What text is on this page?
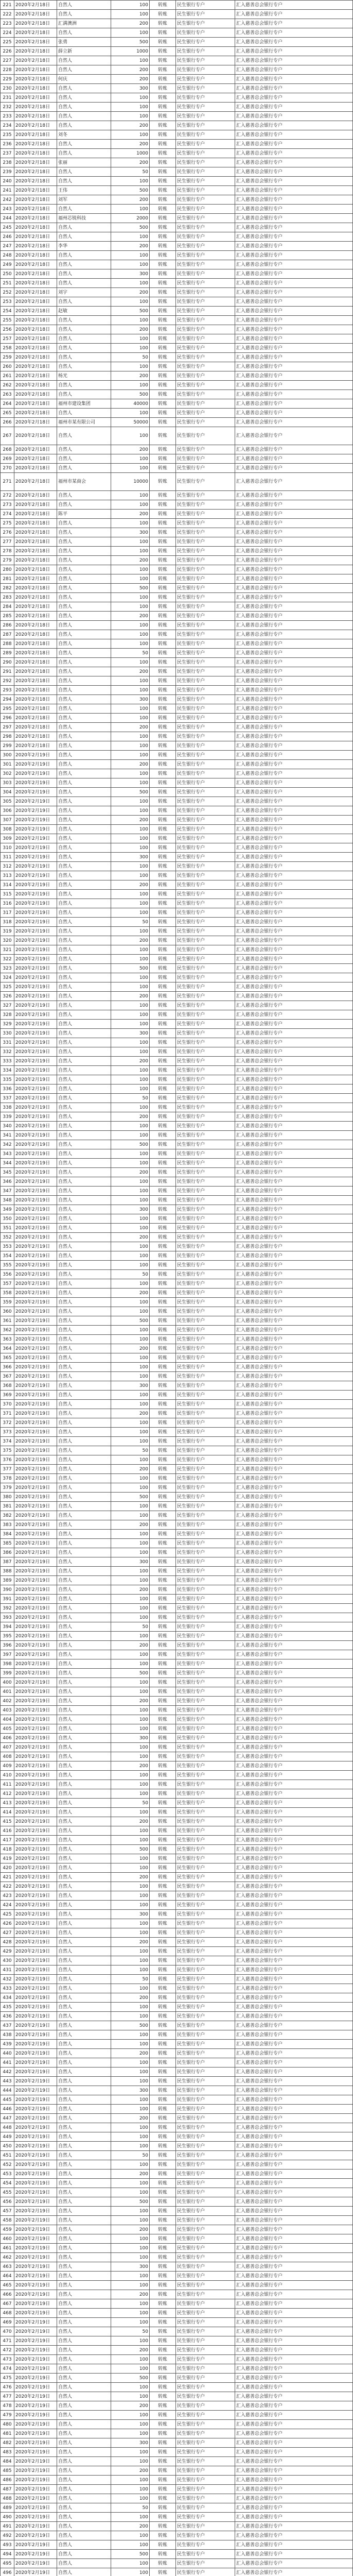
221	2020年2月18日	自然人	100	转账	民生银行专户	汇入慈善总会银行专户
222	2020年2月18日	自然人	100	转账	民生银行专户	汇入慈善总会银行专户
223	2020年2月18日	汇满澳洲	200	转账	民生银行专户	汇入慈善总会银行专户
224	2020年2月18日	自然人	100	转账	民生银行专户	汇入慈善总会银行专户
225	2020年2月18日	张勇	500	转账	民生银行专户	汇入慈善总会银行专户
226	2020年2月18日	薛立新	1000	转账	民生银行专户	汇入慈善总会银行专户
227	2020年2月18日	自然人	100	转账	民生银行专户	汇入慈善总会银行专户
228	2020年2月18日	自然人	200	转账	民生银行专户	汇入慈善总会银行专户
229	2020年2月18日	何庆	200	转账	民生银行专户	汇入慈善总会银行专户
230	2020年2月18日	自然人	300	转账	民生银行专户	汇入慈善总会银行专户
231	2020年2月18日	自然人	100	转账	民生银行专户	汇入慈善总会银行专户
232	2020年2月18日	自然人	100	转账	民生银行专户	汇入慈善总会银行专户
233	2020年2月18日	自然人	100	转账	民生银行专户	汇入慈善总会银行专户
234	2020年2月18日	自然人	200	转账	民生银行专户	汇入慈善总会银行专户
235	2020年2月18日	刘冬	100	转账	民生银行专户	汇入慈善总会银行专户
236	2020年2月18日	自然人	200	转账	民生银行专户	汇入慈善总会银行专户
237	2020年2月18日	自然人	1000	转账	民生银行专户	汇入慈善总会银行专户
238	2020年2月18日	张丽	200	转账	民生银行专户	汇入慈善总会银行专户
239	2020年2月18日	自然人	50	转账	民生银行专户	汇入慈善总会银行专户
240	2020年2月18日	自然人	100	转账	民生银行专户	汇入慈善总会银行专户
241	2020年2月18日	王伟	500	转账	民生银行专户	汇入慈善总会银行专户
242	2020年2月18日	刘军	200	转账	民生银行专户	汇入慈善总会银行专户
243	2020年2月18日	自然人	100	转账	民生银行专户	汇入慈善总会银行专户
244	2020年2月18日	福州芯锐科技	2000	转账	民生银行专户	汇入慈善总会银行专户
245	2020年2月18日	自然人	500	转账	民生银行专户	汇入慈善总会银行专户
246	2020年2月18日	自然人	100	转账	民生银行专户	汇入慈善总会银行专户
247	2020年2月18日	李华	200	转账	民生银行专户	汇入慈善总会银行专户
248	2020年2月18日	自然人	100	转账	民生银行专户	汇入慈善总会银行专户
249	2020年2月18日	自然人	100	转账	民生银行专户	汇入慈善总会银行专户
250	2020年2月18日	自然人	300	转账	民生银行专户	汇入慈善总会银行专户
251	2020年2月18日	自然人	100	转账	民生银行专户	汇入慈善总会银行专户
252	2020年2月18日	刘宇	200	转账	民生银行专户	汇入慈善总会银行专户
253	2020年2月18日	自然人	100	转账	民生银行专户	汇入慈善总会银行专户
254	2020年2月18日	赵敏	500	转账	民生银行专户	汇入慈善总会银行专户
255	2020年2月18日	自然人	100	转账	民生银行专户	汇入慈善总会银行专户
256	2020年2月18日	自然人	200	转账	民生银行专户	汇入慈善总会银行专户
257	2020年2月18日	自然人	100	转账	民生银行专户	汇入慈善总会银行专户
258	2020年2月18日	自然人	100	转账	民生银行专户	汇入慈善总会银行专户
259	2020年2月18日	自然人	50	转账	民生银行专户	汇入慈善总会银行专户
260	2020年2月18日	自然人	100	转账	民生银行专户	汇入慈善总会银行专户
261	2020年2月18日	杨光	200	转账	民生银行专户	汇入慈善总会银行专户
262	2020年2月18日	自然人	100	转账	民生银行专户	汇入慈善总会银行专户
263	2020年2月18日	自然人	500	转账	民生银行专户	汇入慈善总会银行专户
264	2020年2月18日	福州市建设集团	40000	转账	民生银行专户	汇入慈善总会银行专户
265	2020年2月18日	自然人	100	转账	民生银行专户	汇入慈善总会银行专户
266	2020年2月18日	福州市某有限公司	50000	转账	民生银行专户	汇入慈善总会银行专户
267	2020年2月18日	自然人	100	转账	民生银行专户	汇入慈善总会银行专户
268	2020年2月18日	自然人	200	转账	民生银行专户	汇入慈善总会银行专户
269	2020年2月18日	自然人	100	转账	民生银行专户	汇入慈善总会银行专户
270	2020年2月18日	自然人	100	转账	民生银行专户	汇入慈善总会银行专户
271	2020年2月18日	福州市某商会	10000	转账	民生银行专户	汇入慈善总会银行专户
272	2020年2月18日	自然人	100	转账	民生银行专户	汇入慈善总会银行专户
273	2020年2月18日	自然人	100	转账	民生银行专户	汇入慈善总会银行专户
274	2020年2月18日	陈平	200	转账	民生银行专户	汇入慈善总会银行专户
275	2020年2月18日	自然人	100	转账	民生银行专户	汇入慈善总会银行专户
276	2020年2月18日	自然人	300	转账	民生银行专户	汇入慈善总会银行专户
277	2020年2月18日	自然人	100	转账	民生银行专户	汇入慈善总会银行专户
278	2020年2月18日	自然人	100	转账	民生银行专户	汇入慈善总会银行专户
279	2020年2月18日	自然人	200	转账	民生银行专户	汇入慈善总会银行专户
280	2020年2月18日	自然人	100	转账	民生银行专户	汇入慈善总会银行专户
281	2020年2月18日	自然人	100	转账	民生银行专户	汇入慈善总会银行专户
282	2020年2月18日	自然人	500	转账	民生银行专户	汇入慈善总会银行专户
283	2020年2月18日	自然人	100	转账	民生银行专户	汇入慈善总会银行专户
284	2020年2月18日	自然人	100	转账	民生银行专户	汇入慈善总会银行专户
285	2020年2月18日	自然人	200	转账	民生银行专户	汇入慈善总会银行专户
286	2020年2月18日	自然人	100	转账	民生银行专户	汇入慈善总会银行专户
287	2020年2月18日	自然人	100	转账	民生银行专户	汇入慈善总会银行专户
288	2020年2月18日	自然人	100	转账	民生银行专户	汇入慈善总会银行专户
289	2020年2月18日	自然人	50	转账	民生银行专户	汇入慈善总会银行专户
290	2020年2月18日	自然人	100	转账	民生银行专户	汇入慈善总会银行专户
291	2020年2月18日	自然人	200	转账	民生银行专户	汇入慈善总会银行专户
292	2020年2月18日	自然人	100	转账	民生银行专户	汇入慈善总会银行专户
293	2020年2月18日	自然人	100	转账	民生银行专户	汇入慈善总会银行专户
294	2020年2月18日	自然人	300	转账	民生银行专户	汇入慈善总会银行专户
295	2020年2月18日	自然人	100	转账	民生银行专户	汇入慈善总会银行专户
296	2020年2月18日	自然人	100	转账	民生银行专户	汇入慈善总会银行专户
297	2020年2月18日	自然人	200	转账	民生银行专户	汇入慈善总会银行专户
298	2020年2月18日	自然人	100	转账	民生银行专户	汇入慈善总会银行专户
299	2020年2月18日	自然人	100	转账	民生银行专户	汇入慈善总会银行专户
300	2020年2月19日	自然人	100	转账	民生银行专户	汇入慈善总会银行专户
301	2020年2月19日	自然人	200	转账	民生银行专户	汇入慈善总会银行专户
302	2020年2月19日	自然人	100	转账	民生银行专户	汇入慈善总会银行专户
303	2020年2月19日	自然人	100	转账	民生银行专户	汇入慈善总会银行专户
304	2020年2月19日	自然人	500	转账	民生银行专户	汇入慈善总会银行专户
305	2020年2月19日	自然人	100	转账	民生银行专户	汇入慈善总会银行专户
306	2020年2月19日	自然人	100	转账	民生银行专户	汇入慈善总会银行专户
307	2020年2月19日	自然人	200	转账	民生银行专户	汇入慈善总会银行专户
308	2020年2月19日	自然人	100	转账	民生银行专户	汇入慈善总会银行专户
309	2020年2月19日	自然人	100	转账	民生银行专户	汇入慈善总会银行专户
310	2020年2月19日	自然人	100	转账	民生银行专户	汇入慈善总会银行专户
311	2020年2月19日	自然人	300	转账	民生银行专户	汇入慈善总会银行专户
312	2020年2月19日	自然人	100	转账	民生银行专户	汇入慈善总会银行专户
313	2020年2月19日	自然人	100	转账	民生银行专户	汇入慈善总会银行专户
314	2020年2月19日	自然人	200	转账	民生银行专户	汇入慈善总会银行专户
315	2020年2月19日	自然人	100	转账	民生银行专户	汇入慈善总会银行专户
316	2020年2月19日	自然人	100	转账	民生银行专户	汇入慈善总会银行专户
317	2020年2月19日	自然人	100	转账	民生银行专户	汇入慈善总会银行专户
318	2020年2月19日	自然人	50	转账	民生银行专户	汇入慈善总会银行专户
319	2020年2月19日	自然人	100	转账	民生银行专户	汇入慈善总会银行专户
320	2020年2月19日	自然人	200	转账	民生银行专户	汇入慈善总会银行专户
321	2020年2月19日	自然人	100	转账	民生银行专户	汇入慈善总会银行专户
322	2020年2月19日	自然人	100	转账	民生银行专户	汇入慈善总会银行专户
323	2020年2月19日	自然人	500	转账	民生银行专户	汇入慈善总会银行专户
324	2020年2月19日	自然人	100	转账	民生银行专户	汇入慈善总会银行专户
325	2020年2月19日	自然人	100	转账	民生银行专户	汇入慈善总会银行专户
326	2020年2月19日	自然人	200	转账	民生银行专户	汇入慈善总会银行专户
327	2020年2月19日	自然人	100	转账	民生银行专户	汇入慈善总会银行专户
328	2020年2月19日	自然人	100	转账	民生银行专户	汇入慈善总会银行专户
329	2020年2月19日	自然人	100	转账	民生银行专户	汇入慈善总会银行专户
330	2020年2月19日	自然人	300	转账	民生银行专户	汇入慈善总会银行专户
331	2020年2月19日	自然人	100	转账	民生银行专户	汇入慈善总会银行专户
332	2020年2月19日	自然人	100	转账	民生银行专户	汇入慈善总会银行专户
333	2020年2月19日	自然人	200	转账	民生银行专户	汇入慈善总会银行专户
334	2020年2月19日	自然人	100	转账	民生银行专户	汇入慈善总会银行专户
335	2020年2月19日	自然人	100	转账	民生银行专户	汇入慈善总会银行专户
336	2020年2月19日	自然人	100	转账	民生银行专户	汇入慈善总会银行专户
337	2020年2月19日	自然人	50	转账	民生银行专户	汇入慈善总会银行专户
338	2020年2月19日	自然人	100	转账	民生银行专户	汇入慈善总会银行专户
339	2020年2月19日	自然人	200	转账	民生银行专户	汇入慈善总会银行专户
340	2020年2月19日	自然人	100	转账	民生银行专户	汇入慈善总会银行专户
341	2020年2月19日	自然人	100	转账	民生银行专户	汇入慈善总会银行专户
342	2020年2月19日	自然人	500	转账	民生银行专户	汇入慈善总会银行专户
343	2020年2月19日	自然人	100	转账	民生银行专户	汇入慈善总会银行专户
344	2020年2月19日	自然人	100	转账	民生银行专户	汇入慈善总会银行专户
345	2020年2月19日	自然人	200	转账	民生银行专户	汇入慈善总会银行专户
346	2020年2月19日	自然人	100	转账	民生银行专户	汇入慈善总会银行专户
347	2020年2月19日	自然人	100	转账	民生银行专户	汇入慈善总会银行专户
348	2020年2月19日	自然人	100	转账	民生银行专户	汇入慈善总会银行专户
349	2020年2月19日	自然人	300	转账	民生银行专户	汇入慈善总会银行专户
350	2020年2月19日	自然人	100	转账	民生银行专户	汇入慈善总会银行专户
351	2020年2月19日	自然人	100	转账	民生银行专户	汇入慈善总会银行专户
352	2020年2月19日	自然人	200	转账	民生银行专户	汇入慈善总会银行专户
353	2020年2月19日	自然人	100	转账	民生银行专户	汇入慈善总会银行专户
354	2020年2月19日	自然人	100	转账	民生银行专户	汇入慈善总会银行专户
355	2020年2月19日	自然人	100	转账	民生银行专户	汇入慈善总会银行专户
356	2020年2月19日	自然人	50	转账	民生银行专户	汇入慈善总会银行专户
357	2020年2月19日	自然人	100	转账	民生银行专户	汇入慈善总会银行专户
358	2020年2月19日	自然人	200	转账	民生银行专户	汇入慈善总会银行专户
359	2020年2月19日	自然人	100	转账	民生银行专户	汇入慈善总会银行专户
360	2020年2月19日	自然人	100	转账	民生银行专户	汇入慈善总会银行专户
361	2020年2月19日	自然人	500	转账	民生银行专户	汇入慈善总会银行专户
362	2020年2月19日	自然人	100	转账	民生银行专户	汇入慈善总会银行专户
363	2020年2月19日	自然人	100	转账	民生银行专户	汇入慈善总会银行专户
364	2020年2月19日	自然人	200	转账	民生银行专户	汇入慈善总会银行专户
365	2020年2月19日	自然人	100	转账	民生银行专户	汇入慈善总会银行专户
366	2020年2月19日	自然人	100	转账	民生银行专户	汇入慈善总会银行专户
367	2020年2月19日	自然人	100	转账	民生银行专户	汇入慈善总会银行专户
368	2020年2月19日	自然人	300	转账	民生银行专户	汇入慈善总会银行专户
369	2020年2月19日	自然人	100	转账	民生银行专户	汇入慈善总会银行专户
370	2020年2月19日	自然人	100	转账	民生银行专户	汇入慈善总会银行专户
371	2020年2月19日	自然人	200	转账	民生银行专户	汇入慈善总会银行专户
372	2020年2月19日	自然人	100	转账	民生银行专户	汇入慈善总会银行专户
373	2020年2月19日	自然人	100	转账	民生银行专户	汇入慈善总会银行专户
374	2020年2月19日	自然人	100	转账	民生银行专户	汇入慈善总会银行专户
375	2020年2月19日	自然人	50	转账	民生银行专户	汇入慈善总会银行专户
376	2020年2月19日	自然人	100	转账	民生银行专户	汇入慈善总会银行专户
377	2020年2月19日	自然人	200	转账	民生银行专户	汇入慈善总会银行专户
378	2020年2月19日	自然人	100	转账	民生银行专户	汇入慈善总会银行专户
379	2020年2月19日	自然人	100	转账	民生银行专户	汇入慈善总会银行专户
380	2020年2月19日	自然人	500	转账	民生银行专户	汇入慈善总会银行专户
381	2020年2月19日	自然人	100	转账	民生银行专户	汇入慈善总会银行专户
382	2020年2月19日	自然人	100	转账	民生银行专户	汇入慈善总会银行专户
383	2020年2月19日	自然人	200	转账	民生银行专户	汇入慈善总会银行专户
384	2020年2月19日	自然人	100	转账	民生银行专户	汇入慈善总会银行专户
385	2020年2月19日	自然人	100	转账	民生银行专户	汇入慈善总会银行专户
386	2020年2月19日	自然人	100	转账	民生银行专户	汇入慈善总会银行专户
387	2020年2月19日	自然人	300	转账	民生银行专户	汇入慈善总会银行专户
388	2020年2月19日	自然人	100	转账	民生银行专户	汇入慈善总会银行专户
389	2020年2月19日	自然人	100	转账	民生银行专户	汇入慈善总会银行专户
390	2020年2月19日	自然人	200	转账	民生银行专户	汇入慈善总会银行专户
391	2020年2月19日	自然人	100	转账	民生银行专户	汇入慈善总会银行专户
392	2020年2月19日	自然人	100	转账	民生银行专户	汇入慈善总会银行专户
393	2020年2月19日	自然人	100	转账	民生银行专户	汇入慈善总会银行专户
394	2020年2月19日	自然人	50	转账	民生银行专户	汇入慈善总会银行专户
395	2020年2月19日	自然人	100	转账	民生银行专户	汇入慈善总会银行专户
396	2020年2月19日	自然人	200	转账	民生银行专户	汇入慈善总会银行专户
397	2020年2月19日	自然人	100	转账	民生银行专户	汇入慈善总会银行专户
398	2020年2月19日	自然人	100	转账	民生银行专户	汇入慈善总会银行专户
399	2020年2月19日	自然人	500	转账	民生银行专户	汇入慈善总会银行专户
400	2020年2月19日	自然人	100	转账	民生银行专户	汇入慈善总会银行专户
401	2020年2月19日	自然人	100	转账	民生银行专户	汇入慈善总会银行专户
402	2020年2月19日	自然人	200	转账	民生银行专户	汇入慈善总会银行专户
403	2020年2月19日	自然人	100	转账	民生银行专户	汇入慈善总会银行专户
404	2020年2月19日	自然人	100	转账	民生银行专户	汇入慈善总会银行专户
405	2020年2月19日	自然人	100	转账	民生银行专户	汇入慈善总会银行专户
406	2020年2月19日	自然人	300	转账	民生银行专户	汇入慈善总会银行专户
407	2020年2月19日	自然人	100	转账	民生银行专户	汇入慈善总会银行专户
408	2020年2月19日	自然人	100	转账	民生银行专户	汇入慈善总会银行专户
409	2020年2月19日	自然人	200	转账	民生银行专户	汇入慈善总会银行专户
410	2020年2月19日	自然人	100	转账	民生银行专户	汇入慈善总会银行专户
411	2020年2月19日	自然人	100	转账	民生银行专户	汇入慈善总会银行专户
412	2020年2月19日	自然人	100	转账	民生银行专户	汇入慈善总会银行专户
413	2020年2月19日	自然人	50	转账	民生银行专户	汇入慈善总会银行专户
414	2020年2月19日	自然人	100	转账	民生银行专户	汇入慈善总会银行专户
415	2020年2月19日	自然人	200	转账	民生银行专户	汇入慈善总会银行专户
416	2020年2月19日	自然人	100	转账	民生银行专户	汇入慈善总会银行专户
417	2020年2月19日	自然人	100	转账	民生银行专户	汇入慈善总会银行专户
418	2020年2月19日	自然人	500	转账	民生银行专户	汇入慈善总会银行专户
419	2020年2月19日	自然人	100	转账	民生银行专户	汇入慈善总会银行专户
420	2020年2月19日	自然人	100	转账	民生银行专户	汇入慈善总会银行专户
421	2020年2月19日	自然人	200	转账	民生银行专户	汇入慈善总会银行专户
422	2020年2月19日	自然人	100	转账	民生银行专户	汇入慈善总会银行专户
423	2020年2月19日	自然人	100	转账	民生银行专户	汇入慈善总会银行专户
424	2020年2月19日	自然人	100	转账	民生银行专户	汇入慈善总会银行专户
425	2020年2月19日	自然人	300	转账	民生银行专户	汇入慈善总会银行专户
426	2020年2月19日	自然人	100	转账	民生银行专户	汇入慈善总会银行专户
427	2020年2月19日	自然人	100	转账	民生银行专户	汇入慈善总会银行专户
428	2020年2月19日	自然人	200	转账	民生银行专户	汇入慈善总会银行专户
429	2020年2月19日	自然人	100	转账	民生银行专户	汇入慈善总会银行专户
430	2020年2月19日	自然人	100	转账	民生银行专户	汇入慈善总会银行专户
431	2020年2月19日	自然人	100	转账	民生银行专户	汇入慈善总会银行专户
432	2020年2月19日	自然人	50	转账	民生银行专户	汇入慈善总会银行专户
433	2020年2月19日	自然人	100	转账	民生银行专户	汇入慈善总会银行专户
434	2020年2月19日	自然人	200	转账	民生银行专户	汇入慈善总会银行专户
435	2020年2月19日	自然人	100	转账	民生银行专户	汇入慈善总会银行专户
436	2020年2月19日	自然人	100	转账	民生银行专户	汇入慈善总会银行专户
437	2020年2月19日	自然人	500	转账	民生银行专户	汇入慈善总会银行专户
438	2020年2月19日	自然人	100	转账	民生银行专户	汇入慈善总会银行专户
439	2020年2月19日	自然人	100	转账	民生银行专户	汇入慈善总会银行专户
440	2020年2月19日	自然人	200	转账	民生银行专户	汇入慈善总会银行专户
441	2020年2月19日	自然人	100	转账	民生银行专户	汇入慈善总会银行专户
442	2020年2月19日	自然人	100	转账	民生银行专户	汇入慈善总会银行专户
443	2020年2月19日	自然人	100	转账	民生银行专户	汇入慈善总会银行专户
444	2020年2月19日	自然人	300	转账	民生银行专户	汇入慈善总会银行专户
445	2020年2月19日	自然人	100	转账	民生银行专户	汇入慈善总会银行专户
446	2020年2月19日	自然人	100	转账	民生银行专户	汇入慈善总会银行专户
447	2020年2月19日	自然人	200	转账	民生银行专户	汇入慈善总会银行专户
448	2020年2月19日	自然人	100	转账	民生银行专户	汇入慈善总会银行专户
449	2020年2月19日	自然人	100	转账	民生银行专户	汇入慈善总会银行专户
450	2020年2月19日	自然人	100	转账	民生银行专户	汇入慈善总会银行专户
451	2020年2月19日	自然人	50	转账	民生银行专户	汇入慈善总会银行专户
452	2020年2月19日	自然人	100	转账	民生银行专户	汇入慈善总会银行专户
453	2020年2月19日	自然人	200	转账	民生银行专户	汇入慈善总会银行专户
454	2020年2月19日	自然人	100	转账	民生银行专户	汇入慈善总会银行专户
455	2020年2月19日	自然人	100	转账	民生银行专户	汇入慈善总会银行专户
456	2020年2月19日	自然人	500	转账	民生银行专户	汇入慈善总会银行专户
457	2020年2月19日	自然人	100	转账	民生银行专户	汇入慈善总会银行专户
458	2020年2月19日	自然人	100	转账	民生银行专户	汇入慈善总会银行专户
459	2020年2月19日	自然人	200	转账	民生银行专户	汇入慈善总会银行专户
460	2020年2月19日	自然人	100	转账	民生银行专户	汇入慈善总会银行专户
461	2020年2月19日	自然人	100	转账	民生银行专户	汇入慈善总会银行专户
462	2020年2月19日	自然人	100	转账	民生银行专户	汇入慈善总会银行专户
463	2020年2月19日	自然人	300	转账	民生银行专户	汇入慈善总会银行专户
464	2020年2月19日	自然人	100	转账	民生银行专户	汇入慈善总会银行专户
465	2020年2月19日	自然人	100	转账	民生银行专户	汇入慈善总会银行专户
466	2020年2月19日	自然人	200	转账	民生银行专户	汇入慈善总会银行专户
467	2020年2月19日	自然人	100	转账	民生银行专户	汇入慈善总会银行专户
468	2020年2月19日	自然人	100	转账	民生银行专户	汇入慈善总会银行专户
469	2020年2月19日	自然人	100	转账	民生银行专户	汇入慈善总会银行专户
470	2020年2月19日	自然人	50	转账	民生银行专户	汇入慈善总会银行专户
471	2020年2月19日	自然人	100	转账	民生银行专户	汇入慈善总会银行专户
472	2020年2月19日	自然人	200	转账	民生银行专户	汇入慈善总会银行专户
473	2020年2月19日	自然人	100	转账	民生银行专户	汇入慈善总会银行专户
474	2020年2月19日	自然人	100	转账	民生银行专户	汇入慈善总会银行专户
475	2020年2月19日	自然人	500	转账	民生银行专户	汇入慈善总会银行专户
476	2020年2月19日	自然人	100	转账	民生银行专户	汇入慈善总会银行专户
477	2020年2月19日	自然人	100	转账	民生银行专户	汇入慈善总会银行专户
478	2020年2月19日	自然人	200	转账	民生银行专户	汇入慈善总会银行专户
479	2020年2月19日	自然人	100	转账	民生银行专户	汇入慈善总会银行专户
480	2020年2月19日	自然人	100	转账	民生银行专户	汇入慈善总会银行专户
481	2020年2月19日	自然人	100	转账	民生银行专户	汇入慈善总会银行专户
482	2020年2月19日	自然人	300	转账	民生银行专户	汇入慈善总会银行专户
483	2020年2月19日	自然人	100	转账	民生银行专户	汇入慈善总会银行专户
484	2020年2月19日	自然人	100	转账	民生银行专户	汇入慈善总会银行专户
485	2020年2月19日	自然人	200	转账	民生银行专户	汇入慈善总会银行专户
486	2020年2月19日	自然人	100	转账	民生银行专户	汇入慈善总会银行专户
487	2020年2月19日	自然人	100	转账	民生银行专户	汇入慈善总会银行专户
488	2020年2月19日	自然人	100	转账	民生银行专户	汇入慈善总会银行专户
489	2020年2月19日	自然人	50	转账	民生银行专户	汇入慈善总会银行专户
490	2020年2月19日	自然人	100	转账	民生银行专户	汇入慈善总会银行专户
491	2020年2月19日	自然人	200	转账	民生银行专户	汇入慈善总会银行专户
492	2020年2月19日	自然人	100	转账	民生银行专户	汇入慈善总会银行专户
493	2020年2月19日	自然人	100	转账	民生银行专户	汇入慈善总会银行专户
494	2020年2月19日	自然人	500	转账	民生银行专户	汇入慈善总会银行专户
495	2020年2月19日	自然人	100	转账	民生银行专户	汇入慈善总会银行专户
496	2020年2月19日	自然人	100	转账	民生银行专户	汇入慈善总会银行专户
